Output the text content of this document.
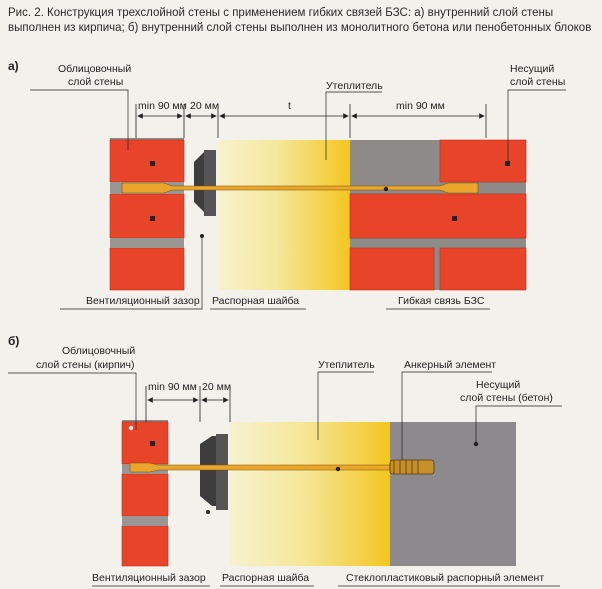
Рис. 2. Конструкция трехслойной стены с применением гибких связей БЗС: а) внутренний слой стены выполнен из кирпича; б) внутренний слой стены выполнен из монолитного бетона или пенобетонных блоков
а)
min 90 мм 20 мм	t	min 90 мм
Облицовочный
слой стены	Утеплитель
Несущий
слой стены
Вентиляционный зазор Распорная шайба	Гибкая связь БЗС
б)
min 90 мм 20 мм
Облицовочный
слой стены (кирпич)	Утеплитель	Анкерный элемент
Несущий
слой стены (бетон)
Вентиляционный зазор Распорная шайба	Стеклопластиковый распорный элемент
